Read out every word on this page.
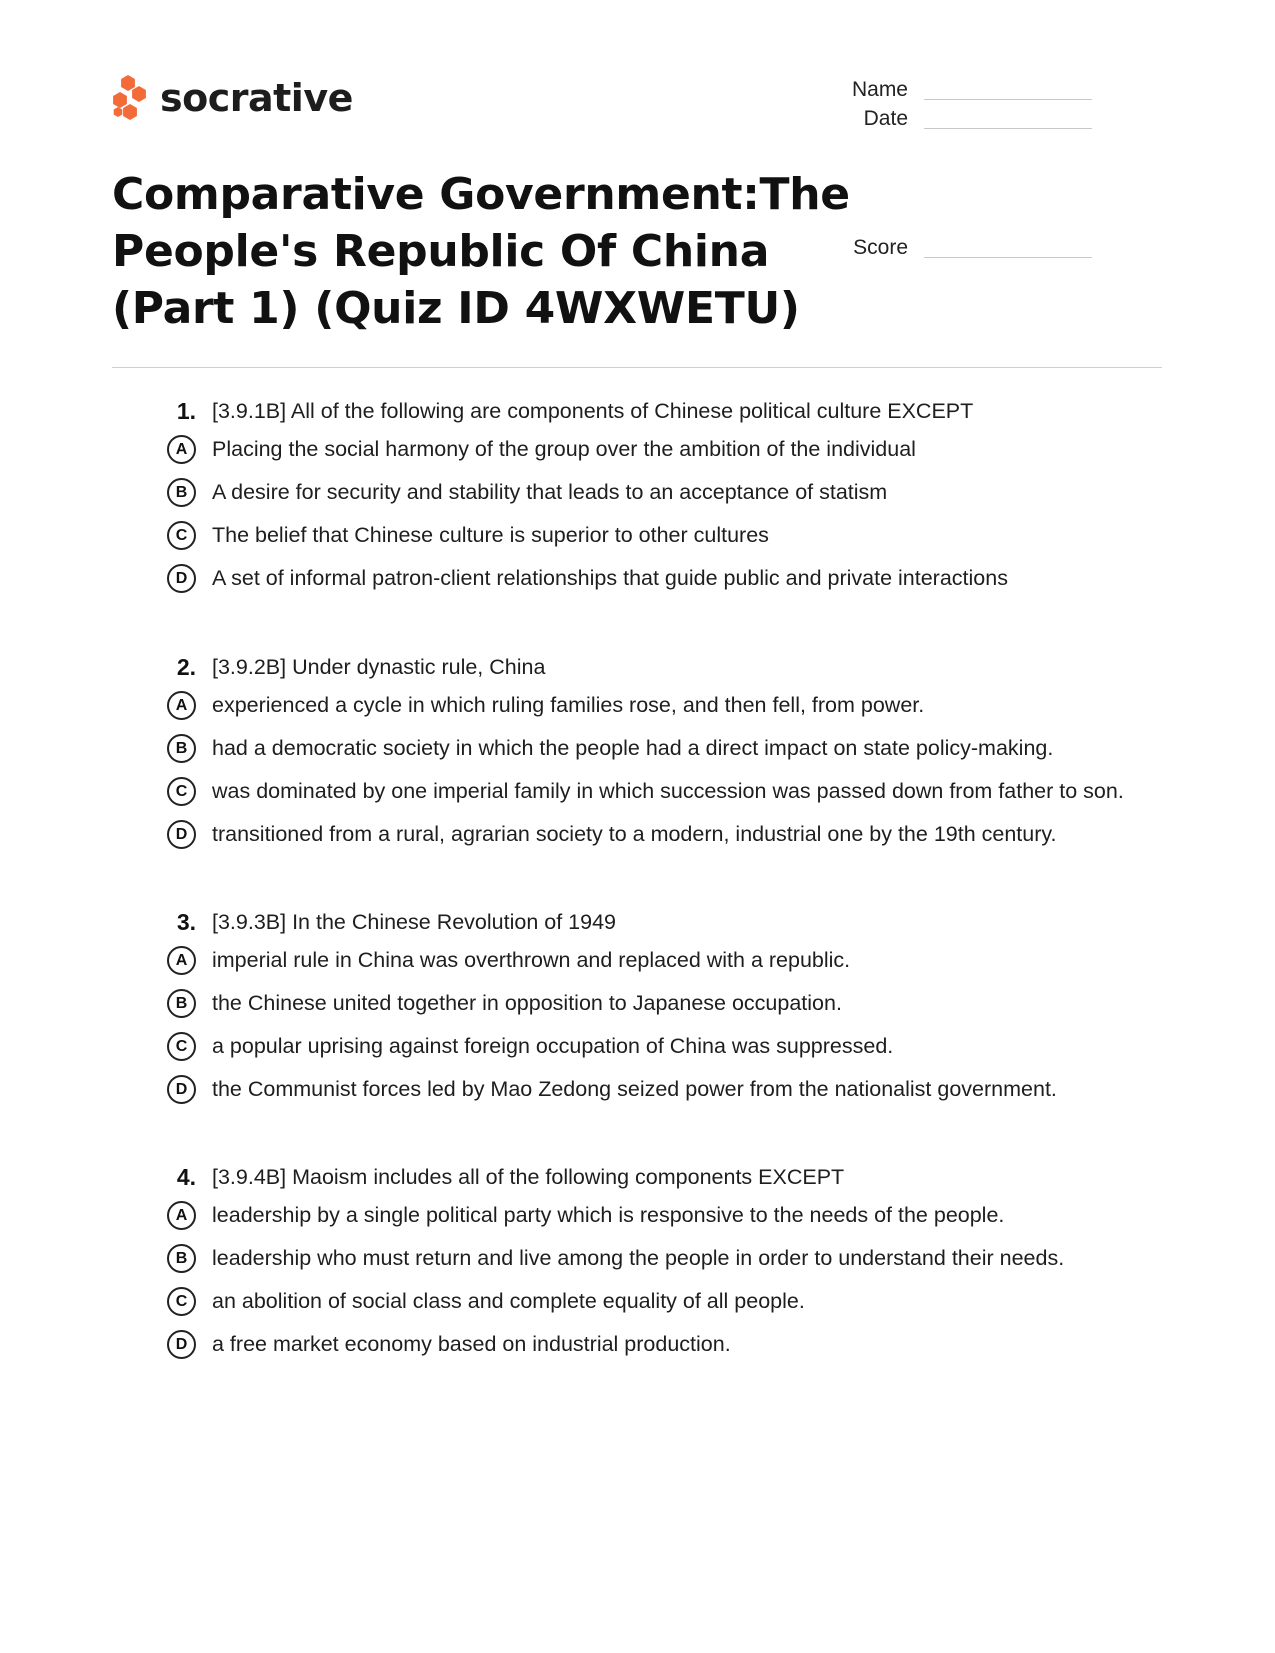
socrative	Name
Date
Score
Comparative Government:The People's Republic Of China (Part 1) (Quiz ID 4WXWETU)
1. [3.9.1B] All of the following are components of Chinese political culture EXCEPT
A	Placing the social harmony of the group over the ambition of the individual
B	A desire for security and stability that leads to an acceptance of statism
C	The belief that Chinese culture is superior to other cultures
D	A set of informal patron-client relationships that guide public and private interactions
2. [3.9.2B] Under dynastic rule, China
A	experienced a cycle in which ruling families rose, and then fell, from power.
B	had a democratic society in which the people had a direct impact on state policy-making.
C	was dominated by one imperial family in which succession was passed down from father to son.
D	transitioned from a rural, agrarian society to a modern, industrial one by the 19th century.
3. [3.9.3B] In the Chinese Revolution of 1949
A	imperial rule in China was overthrown and replaced with a republic.
B	the Chinese united together in opposition to Japanese occupation.
C	a popular uprising against foreign occupation of China was suppressed.
D	the Communist forces led by Mao Zedong seized power from the nationalist government.
4. [3.9.4B] Maoism includes all of the following components EXCEPT
A	leadership by a single political party which is responsive to the needs of the people.
B	leadership who must return and live among the people in order to understand their needs.
C	an abolition of social class and complete equality of all people.
D	a free market economy based on industrial production.
